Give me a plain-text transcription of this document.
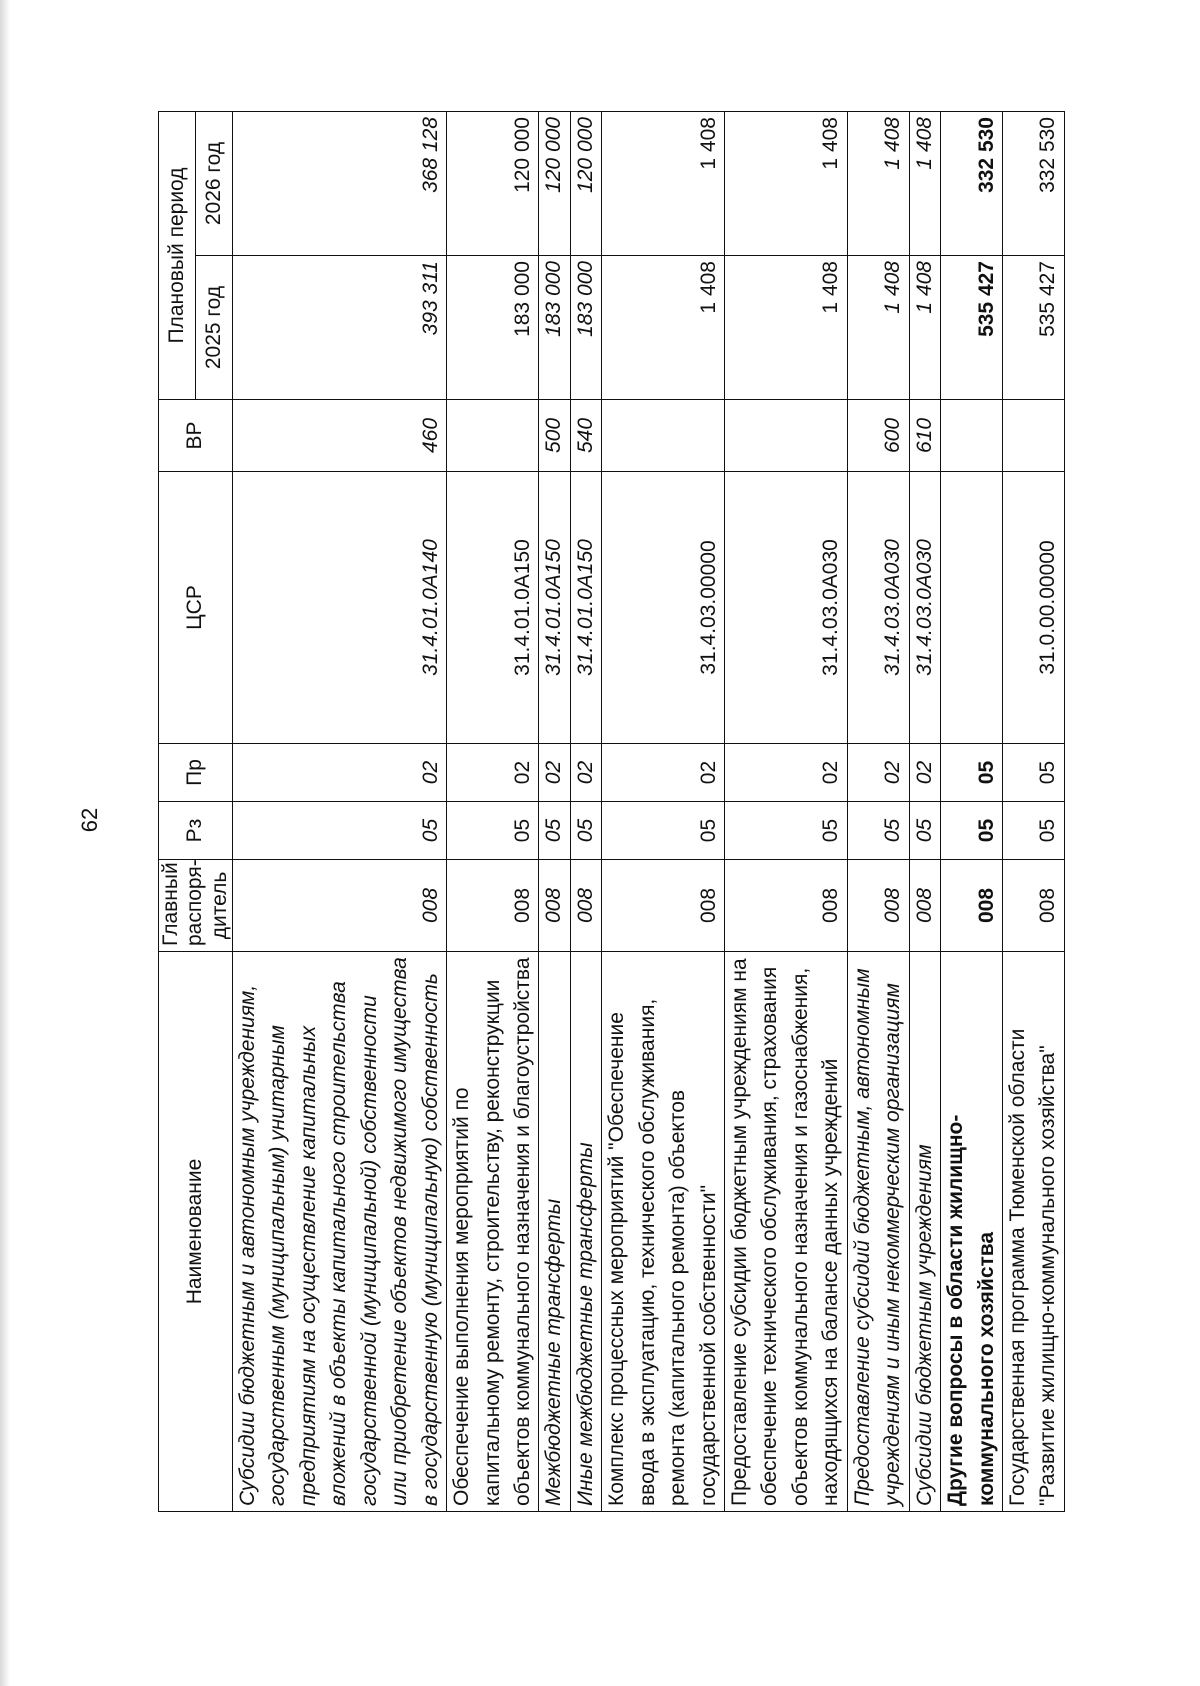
62
Наименование	Главный распоря-дитель	Рз	Пр	ЦСР	ВР	Плановый период	
						2025 год	2026 год
Субсидии бюджетным и автономным учреждениям, государственным (муниципальным) унитарным предприятиям на осуществление капитальных вложений в объекты капитального строительства государственной (муниципальной) собственности или приобретение объектов недвижимого имущества в государственную (муниципальную) собственность	008	05	02	31.4.01.0А140	460	393 311	368 128
Обеспечение выполнения мероприятий по капитальному ремонту, строительству, реконструкции объектов коммунального назначения и благоустройства	008	05	02	31.4.01.0А150		183 000	120 000
Межбюджетные трансферты	008	05	02	31.4.01.0А150	500	183 000	120 000
Иные межбюджетные трансферты	008	05	02	31.4.01.0А150	540	183 000	120 000
Комплекс процессных мероприятий "Обеспечение ввода в эксплуатацию, технического обслуживания, ремонта (капитального ремонта) объектов государственной собственности"	008	05	02	31.4.03.00000		1 408	1 408
Предоставление субсидии бюджетным учреждениям на обеспечение технического обслуживания, страхования объектов коммунального назначения и газоснабжения, находящихся на балансе данных учреждений	008	05	02	31.4.03.0А030		1 408	1 408
Предоставление субсидий бюджетным, автономным учреждениям и иным некоммерческим организациям	008	05	02	31.4.03.0А030	600	1 408	1 408
Субсидии бюджетным учреждениям	008	05	02	31.4.03.0А030	610	1 408	1 408
Другие вопросы в области жилищно-коммунального хозяйства	008	05	05			535 427	332 530
Государственная программа Тюменской области "Развитие жилищно-коммунального хозяйства"	008	05	05	31.0.00.00000		535 427	332 530
